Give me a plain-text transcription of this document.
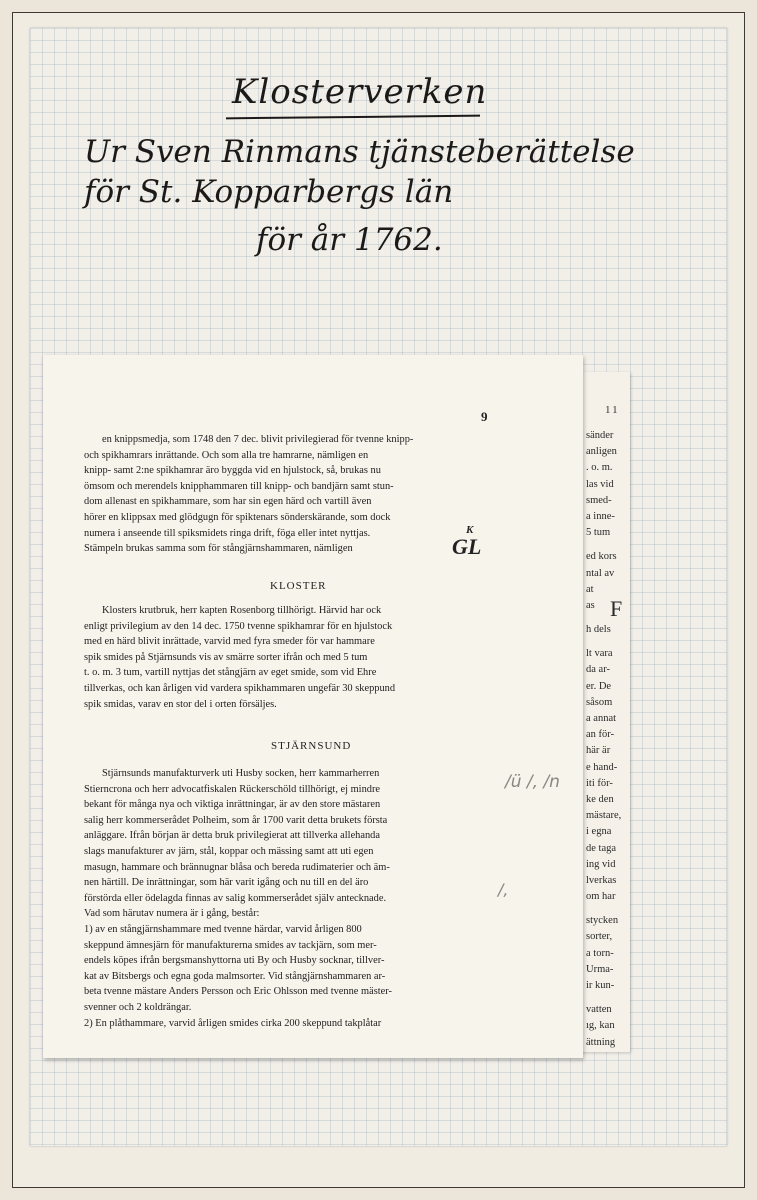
Klosterverken
Ur Sven Rinmans tjänsteberättelse
för St. Kopparbergs län
för år 1762.
11
sänder
anligen
. o. m.
las vid
smed-
a inne-
5 tum
ed kors
ntal av
at
as F
h dels
lt vara
da ar-
er. De
såsom
a annat
an för-
här är
e hand-
iti för-
ke den
mästare,
i egna
de taga
ing vid
lverkas
om har
stycken
sorter,
a torn-
Urma-
ir kun-
vatten
ıg, kan
ättning
9
en knippsmedja, som 1748 den 7 dec. blivit privilegierad för tvenne knipp-
och spikhamrars inrättande. Och som alla tre hamrarne, nämligen en
knipp- samt 2:ne spikhamrar äro byggda vid en hjulstock, så, brukas nu
ömsom och merendels knipphammaren till knipp- och bandjärn samt stun-
dom allenast en spikhammare, som har sin egen härd och vartill även
hörer en klippsax med glödgugn för spiktenars sönderskärande, som dock
numera i anseende till spiksmidets ringa drift, föga eller intet nyttjas.
Stämpeln brukas samma som för stångjärnshammaren, nämligen	GL
K
KLOSTER
Klosters krutbruk, herr kapten Rosenborg tillhörigt. Härvid har ock
enligt privilegium av den 14 dec. 1750 tvenne spikhamrar för en hjulstock
med en härd blivit inrättade, varvid med fyra smeder för var hammare
spik smides på Stjärnsunds vis av smärre sorter ifrån och med 5 tum
t. o. m. 3 tum, vartill nyttjas det stångjärn av eget smide, som vid Ehre
tillverkas, och kan årligen vid vardera spikhammaren ungefär 30 skeppund
spik smidas, varav en stor del i orten försäljes.
STJÄRNSUND
Stjärnsunds manufakturverk uti Husby socken, herr kammarherren
Stierncrona och herr advocatfiskalen Rückerschöld tillhörigt, ej mindre
bekant för många nya och viktiga inrättningar, är av den store mästaren
salig herr kommerserådet Polheim, som år 1700 varit detta brukets första
anläggare. Ifrån början är detta bruk privilegierat att tillverka allehanda
slags manufakturer av järn, stål, koppar och mässing samt att uti egen
masugn, hammare och brännugnar blåsa och bereda rudimaterier och äm-
nen härtill. De inrättningar, som här varit igång och nu till en del äro
förstörda eller ödelagda finnas av salig kommerserådet själv antecknade.
Vad som härutav numera är i gång, består:
1) av en stångjärnshammare med tvenne härdar, varvid årligen 800
skeppund ämnesjärn för manufakturerna smides av tackjärn, som mer-
endels köpes ifrån bergsmanshyttorna uti By och Husby socknar, tillver-
kat av Bitsbergs och egna goda malmsorter. Vid stångjärnshammaren ar-
beta tvenne mästare Anders Persson och Eric Ohlsson med tvenne mäster-
svenner och 2 koldrängar.
2) En plåthammare, varvid årligen smides cirka 200 skeppund takplåtar
/ü /, /n
/,
